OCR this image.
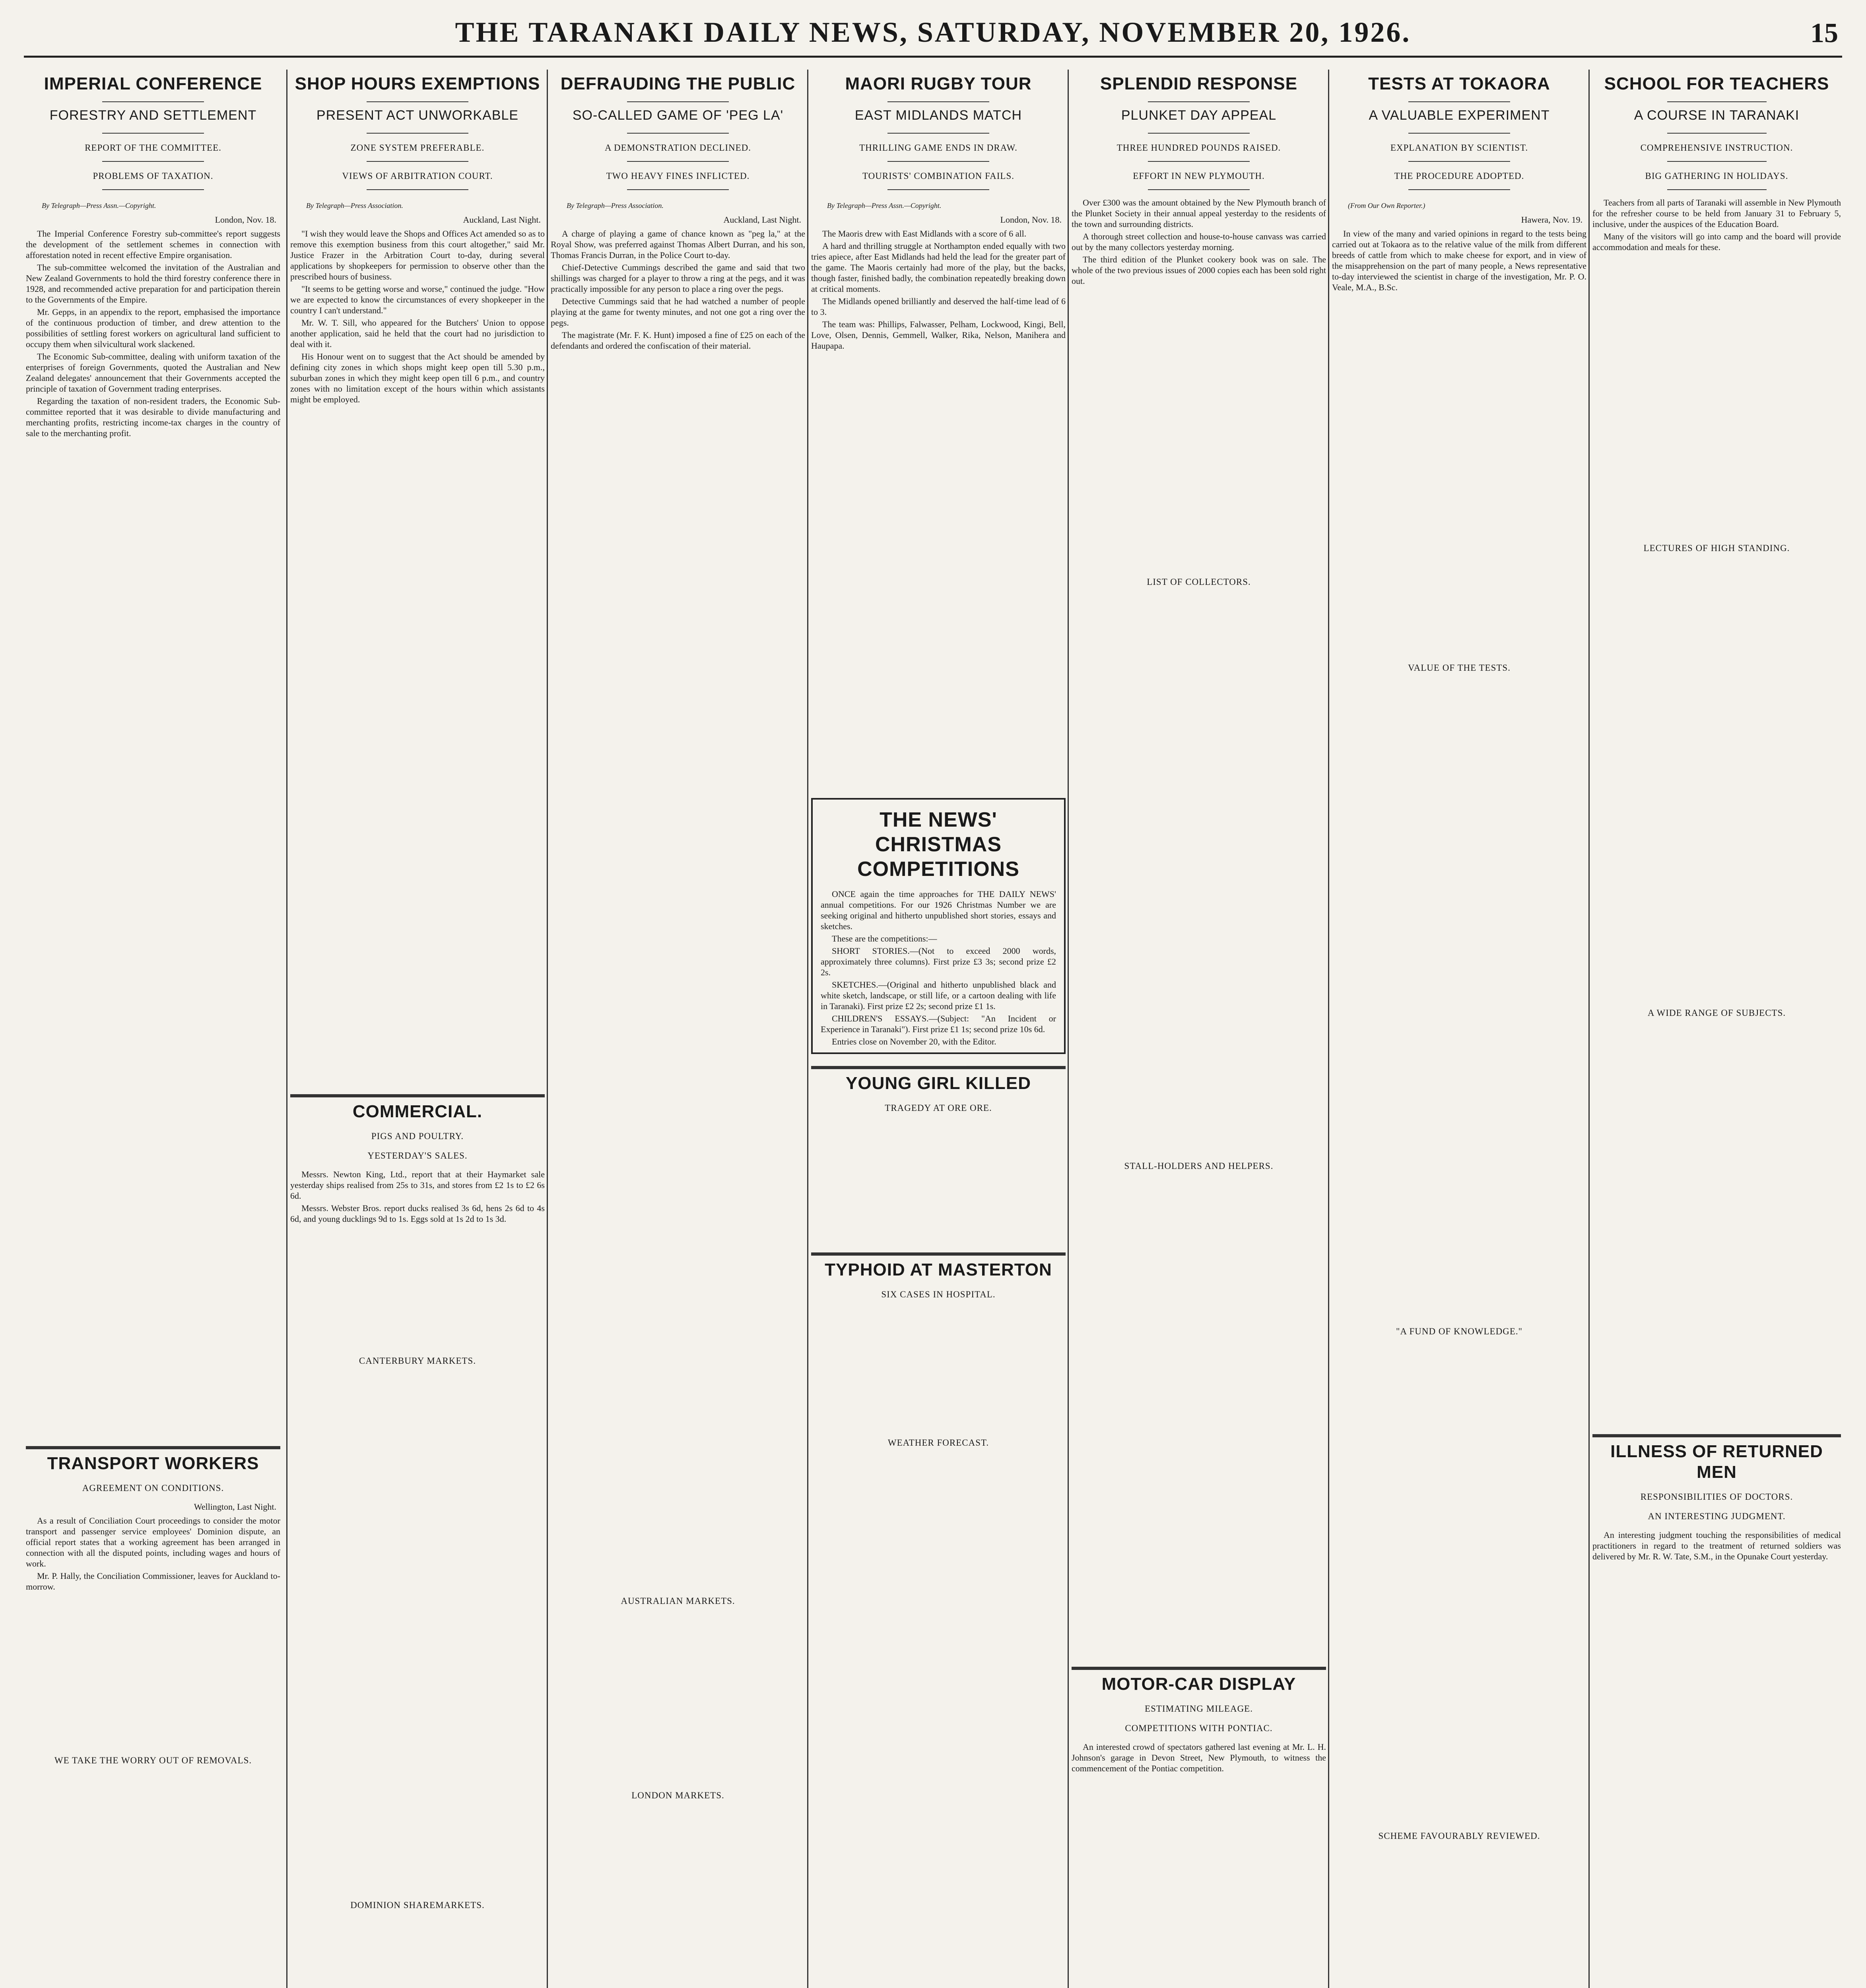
THE TARANAKI DAILY NEWS, SATURDAY, NOVEMBER 20, 1926.	15
IMPERIAL CONFERENCE
FORESTRY AND SETTLEMENT
REPORT OF THE COMMITTEE.
PROBLEMS OF TAXATION.
By Telegraph—Press Assn.—Copyright.
London, Nov. 18.

The Imperial Conference Forestry sub-committee's report suggests the development of the settlement schemes in connection with afforestation noted in recent effective Empire organisation.

The sub-committee welcomed the invitation of the Australian and New Zealand Governments to hold the third forestry conference there in 1928, and recommended active preparation for and participation therein to the Governments of the Empire.

Mr. Gepps, in an appendix to the report, emphasised the importance of the continuous production of timber, and drew attention to the possibilities of settling forest workers on agricultural land sufficient to occupy them when silvicultural work slackened.

The Economic Sub-committee, dealing with uniform taxation of the enterprises of foreign Governments, quoted the Australian and New Zealand delegates' announcement that their Governments accepted the principle of taxation of Government trading enterprises.

Regarding the taxation of non-resident traders, the Economic Sub-committee reported that it was desirable to divide manufacturing and merchanting profits, restricting income-tax charges in the country of sale to the merchanting profit.

TRANSPORT WORKERS
AGREEMENT ON CONDITIONS.
Wellington, Last Night.

As a result of Conciliation Court proceedings to consider the motor transport and passenger service employees' Dominion dispute, an official report states that a working agreement has been arranged in connection with all the disputed points, including wages and hours of work.

Mr. P. Hally, the Conciliation Commissioner, leaves for Auckland to-morrow.

WE TAKE THE WORRY OUT OF REMOVALS.
SHOP HOURS EXEMPTIONS
PRESENT ACT UNWORKABLE
ZONE SYSTEM PREFERABLE.
VIEWS OF ARBITRATION COURT.
By Telegraph—Press Association.
Auckland, Last Night.

"I wish they would leave the Shops and Offices Act amended so as to remove this exemption business from this court altogether," said Mr. Justice Frazer in the Arbitration Court to-day, during several applications by shopkeepers for permission to observe other than the prescribed hours of business.

"It seems to be getting worse and worse," continued the judge. "How we are expected to know the circumstances of every shopkeeper in the country I can't understand."

Mr. W. T. Sill, who appeared for the Butchers' Union to oppose another application, said he held that the court had no jurisdiction to deal with it.

His Honour went on to suggest that the Act should be amended by defining city zones in which shops might keep open till 5.30 p.m., suburban zones in which they might keep open till 6 p.m., and country zones with no limitation except of the hours within which assistants might be employed.

COMMERCIAL.
PIGS AND POULTRY.
YESTERDAY'S SALES.

Messrs. Newton King, Ltd., report that at their Haymarket sale yesterday ships realised from 25s to 31s, and stores from £2 1s to £2 6s 6d.

Messrs. Webster Bros. report ducks realised 3s 6d, hens 2s 6d to 4s 6d, and young ducklings 9d to 1s. Eggs sold at 1s 2d to 1s 3d.

CANTERBURY MARKETS.
DOMINION SHAREMARKETS.
DEFRAUDING THE PUBLIC
SO-CALLED GAME OF 'PEG LA'
A DEMONSTRATION DECLINED.
TWO HEAVY FINES INFLICTED.
By Telegraph—Press Association.
Auckland, Last Night.

A charge of playing a game of chance known as "peg la," at the Royal Show, was preferred against Thomas Albert Durran, and his son, Thomas Francis Durran, in the Police Court to-day.

Chief-Detective Cummings described the game and said that two shillings was charged for a player to throw a ring at the pegs, and it was practically impossible for any person to place a ring over the pegs.

Detective Cummings said that he had watched a number of people playing at the game for twenty minutes, and not one got a ring over the pegs.

The magistrate (Mr. F. K. Hunt) imposed a fine of £25 on each of the defendants and ordered the confiscation of their material.

AUSTRALIAN MARKETS.
LONDON MARKETS.
MAORI RUGBY TOUR
EAST MIDLANDS MATCH
THRILLING GAME ENDS IN DRAW.
TOURISTS' COMBINATION FAILS.
By Telegraph—Press Assn.—Copyright.
London, Nov. 18.

The Maoris drew with East Midlands with a score of 6 all.

A hard and thrilling struggle at Northampton ended equally with two tries apiece, after East Midlands had held the lead for the greater part of the game. The Maoris certainly had more of the play, but the backs, though faster, finished badly, the combination repeatedly breaking down at critical moments.

The Midlands opened brilliantly and deserved the half-time lead of 6 to 3.

The team was: Phillips, Falwasser, Pelham, Lockwood, Kingi, Bell, Love, Olsen, Dennis, Gemmell, Walker, Rika, Nelson, Manihera and Haupapa.

THE NEWS' CHRISTMAS COMPETITIONS

ONCE again the time approaches for THE DAILY NEWS' annual competitions. For our 1926 Christmas Number we are seeking original and hitherto unpublished short stories, essays and sketches.

These are the competitions:—

SHORT STORIES.—(Not to exceed 2000 words, approximately three columns). First prize £3 3s; second prize £2 2s.

SKETCHES.—(Original and hitherto unpublished black and white sketch, landscape, or still life, or a cartoon dealing with life in Taranaki). First prize £2 2s; second prize £1 1s.

CHILDREN'S ESSAYS.—(Subject: "An Incident or Experience in Taranaki"). First prize £1 1s; second prize 10s 6d.

Entries close on November 20, with the Editor.

YOUNG GIRL KILLED
TRAGEDY AT ORE ORE.
TYPHOID AT MASTERTON
SIX CASES IN HOSPITAL.
WEATHER FORECAST.
SPLENDID RESPONSE
PLUNKET DAY APPEAL
THREE HUNDRED POUNDS RAISED.
EFFORT IN NEW PLYMOUTH.

Over £300 was the amount obtained by the New Plymouth branch of the Plunket Society in their annual appeal yesterday to the residents of the town and surrounding districts.

A thorough street collection and house-to-house canvass was carried out by the many collectors yesterday morning.

The third edition of the Plunket cookery book was on sale. The whole of the two previous issues of 2000 copies each has been sold right out.

LIST OF COLLECTORS.
STALL-HOLDERS AND HELPERS.
MOTOR-CAR DISPLAY
ESTIMATING MILEAGE.
COMPETITIONS WITH PONTIAC.

An interested crowd of spectators gathered last evening at Mr. L. H. Johnson's garage in Devon Street, New Plymouth, to witness the commencement of the Pontiac competition.

TESTS AT TOKAORA
A VALUABLE EXPERIMENT
EXPLANATION BY SCIENTIST.
THE PROCEDURE ADOPTED.
(From Our Own Reporter.)
Hawera, Nov. 19.

In view of the many and varied opinions in regard to the tests being carried out at Tokaora as to the relative value of the milk from different breeds of cattle from which to make cheese for export, and in view of the misapprehension on the part of many people, a News representative to-day interviewed the scientist in charge of the investigation, Mr. P. O. Veale, M.A., B.Sc.

VALUE OF THE TESTS.
"A FUND OF KNOWLEDGE."
SCHEME FAVOURABLY REVIEWED.

SCHOOL FOR TEACHERS
A COURSE IN TARANAKI
COMPREHENSIVE INSTRUCTION.
BIG GATHERING IN HOLIDAYS.

Teachers from all parts of Taranaki will assemble in New Plymouth for the refresher course to be held from January 31 to February 5, inclusive, under the auspices of the Education Board.

Many of the visitors will go into camp and the board will provide accommodation and meals for these.

LECTURES OF HIGH STANDING.
A WIDE RANGE OF SUBJECTS.
ILLNESS OF RETURNED MEN
RESPONSIBILITIES OF DOCTORS.
AN INTERESTING JUDGMENT.

An interesting judgment touching the responsibilities of medical practitioners in regard to the treatment of returned soldiers was delivered by Mr. R. W. Tate, S.M., in the Opunake Court yesterday.
